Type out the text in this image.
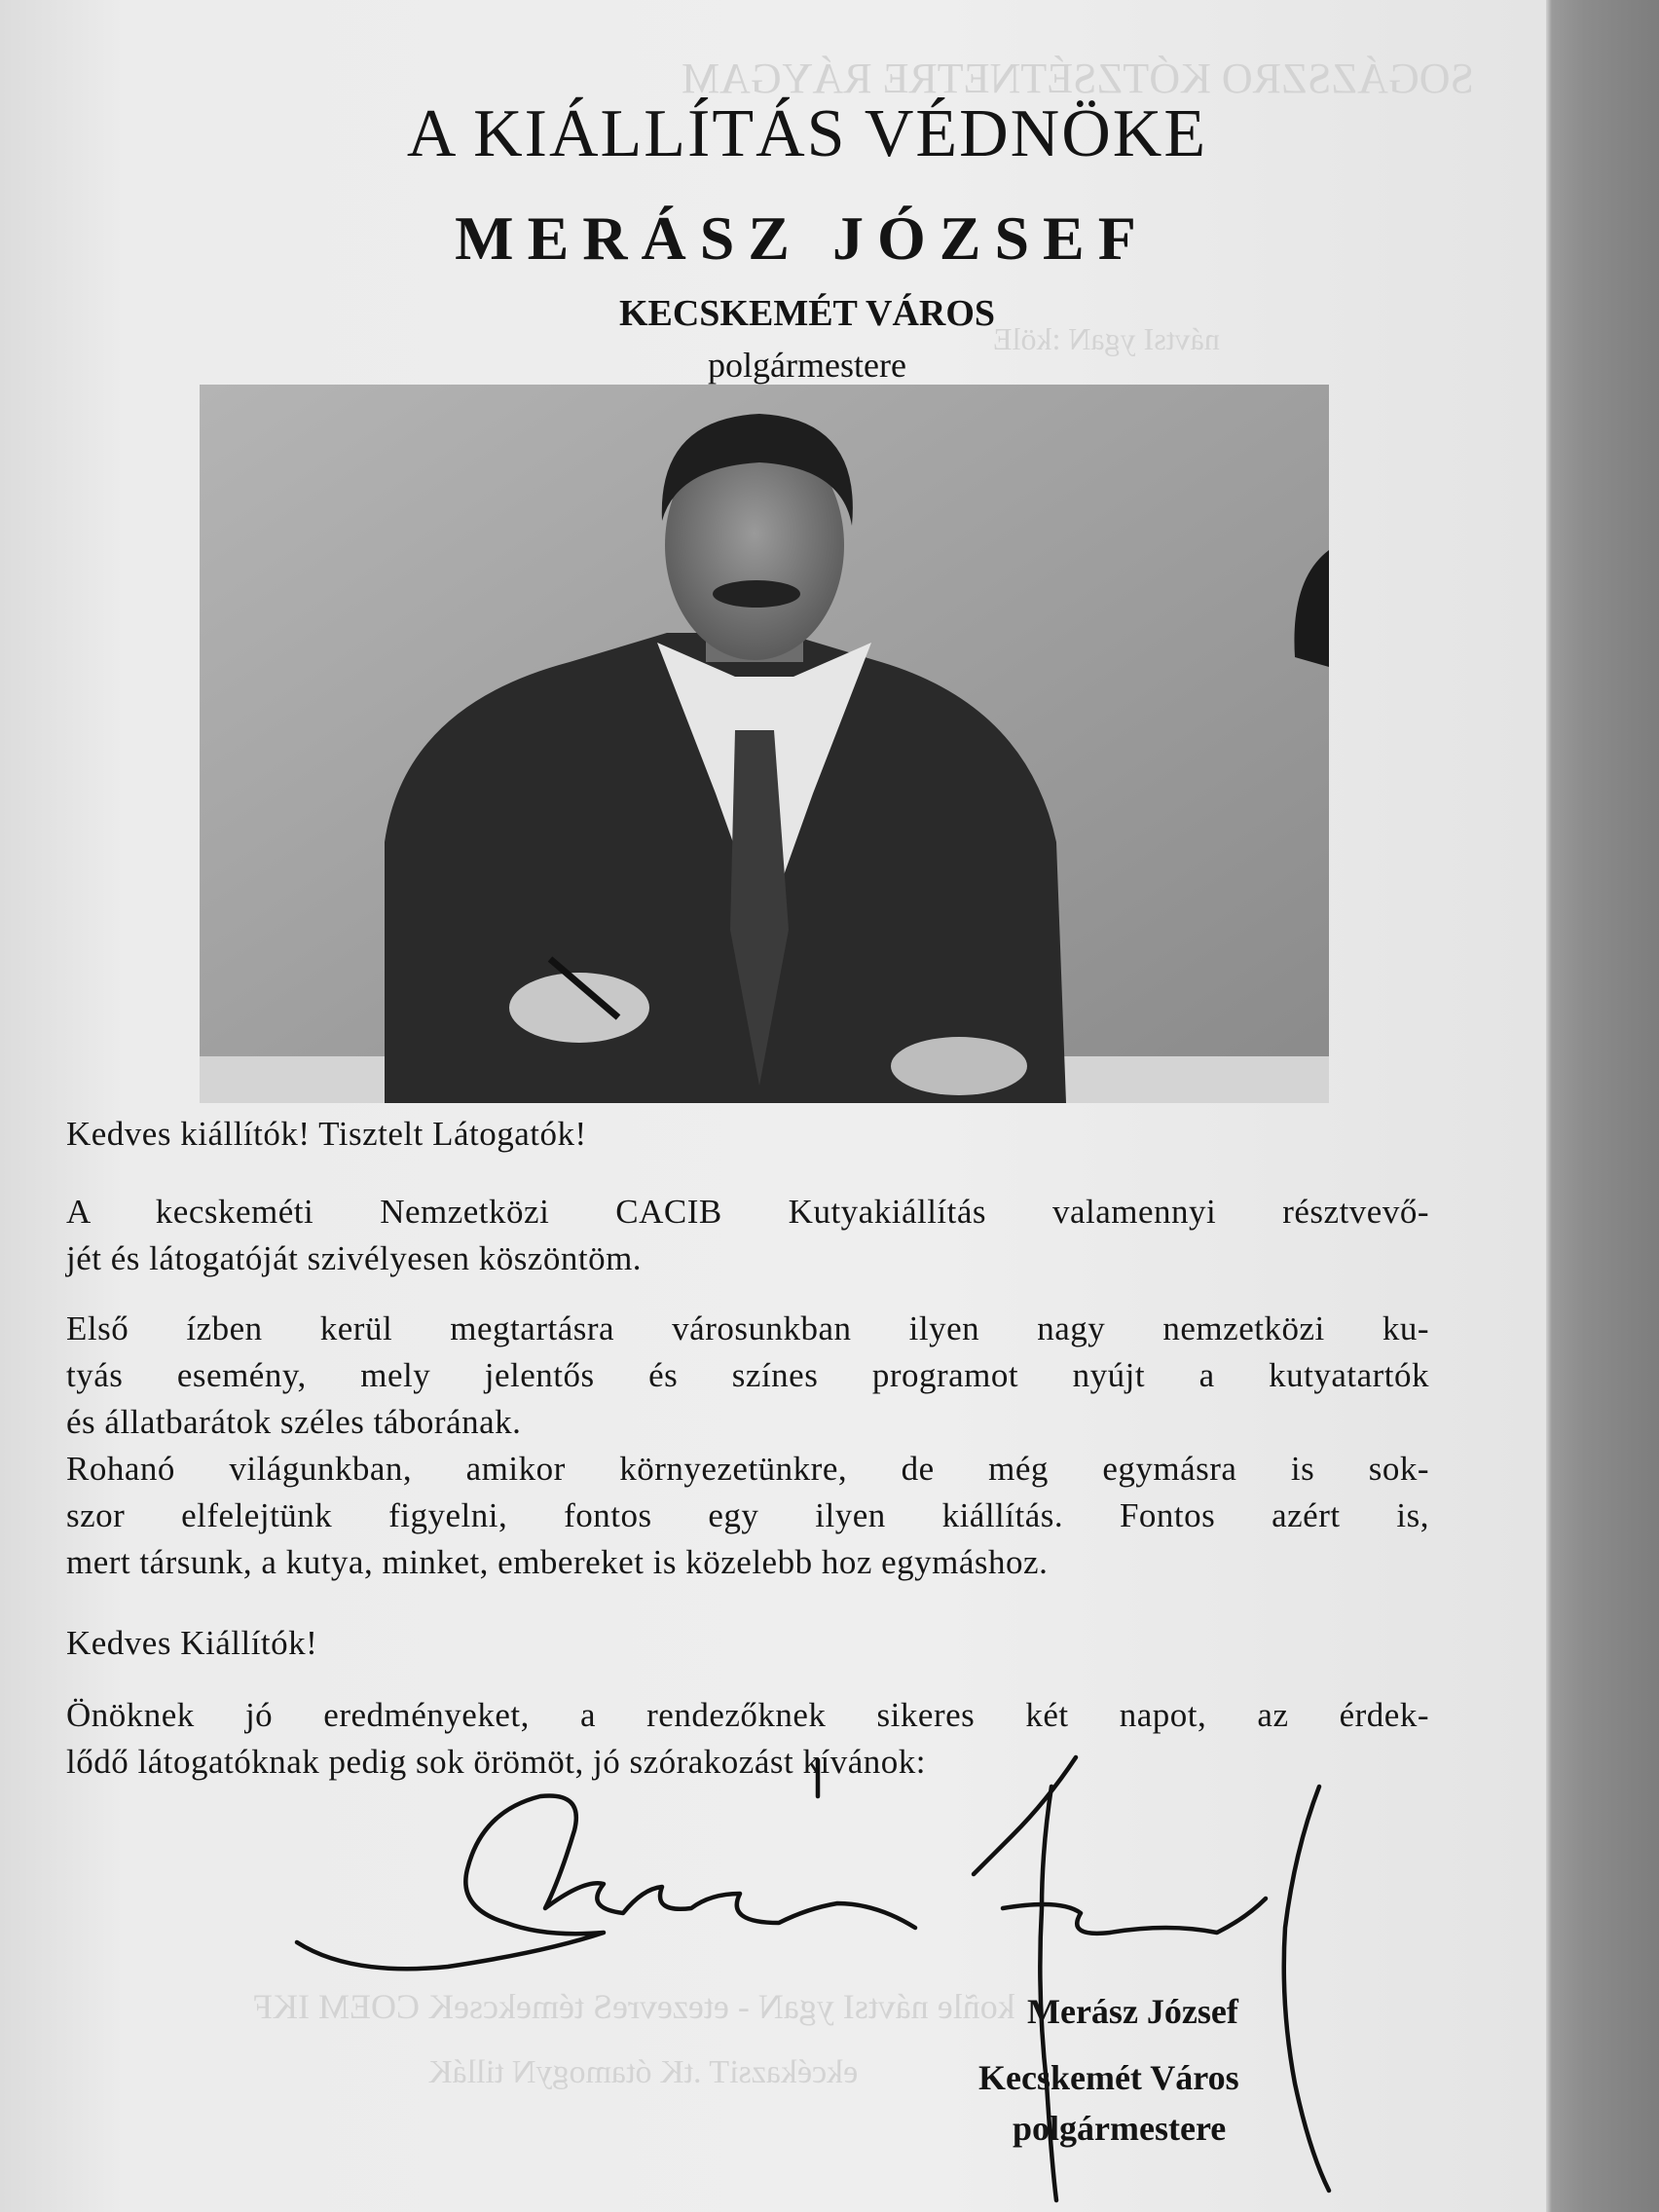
SOGÁZSZRO KÓTZSÉTNETRE RÁYGAM
návtsI ygaN :kölE
koñle návtsI ygaN - etezevreS témekcseK COEM IKF
ekcékazsiT .tK ótamogyN tilláK
A KIÁLLÍTÁS VÉDNÖKE
MERÁSZ JÓZSEF
KECSKEMÉT VÁROS
polgármestere

Kedves kiállítók! Tisztelt Látogatók!

A kecskeméti Nemzetközi CACIB Kutyakiállítás valamennyi résztvevő-
jét és látogatóját szivélyesen köszöntöm.

Első ízben kerül megtartásra városunkban ilyen nagy nemzetközi ku-
tyás esemény, mely jelentős és színes programot nyújt a kutyatartók
és állatbarátok széles táborának.

Rohanó világunkban, amikor környezetünkre, de még egymásra is sok-
szor elfelejtünk figyelni, fontos egy ilyen kiállítás. Fontos azért is,
mert társunk, a kutya, minket, embereket is közelebb hoz egymáshoz.

Kedves Kiállítók!

Önöknek jó eredményeket, a rendezőknek sikeres két napot, az érdek-
lődő látogatóknak pedig sok örömöt, jó szórakozást kívánok:

Merász József
Kecskemét Város
polgármestere
